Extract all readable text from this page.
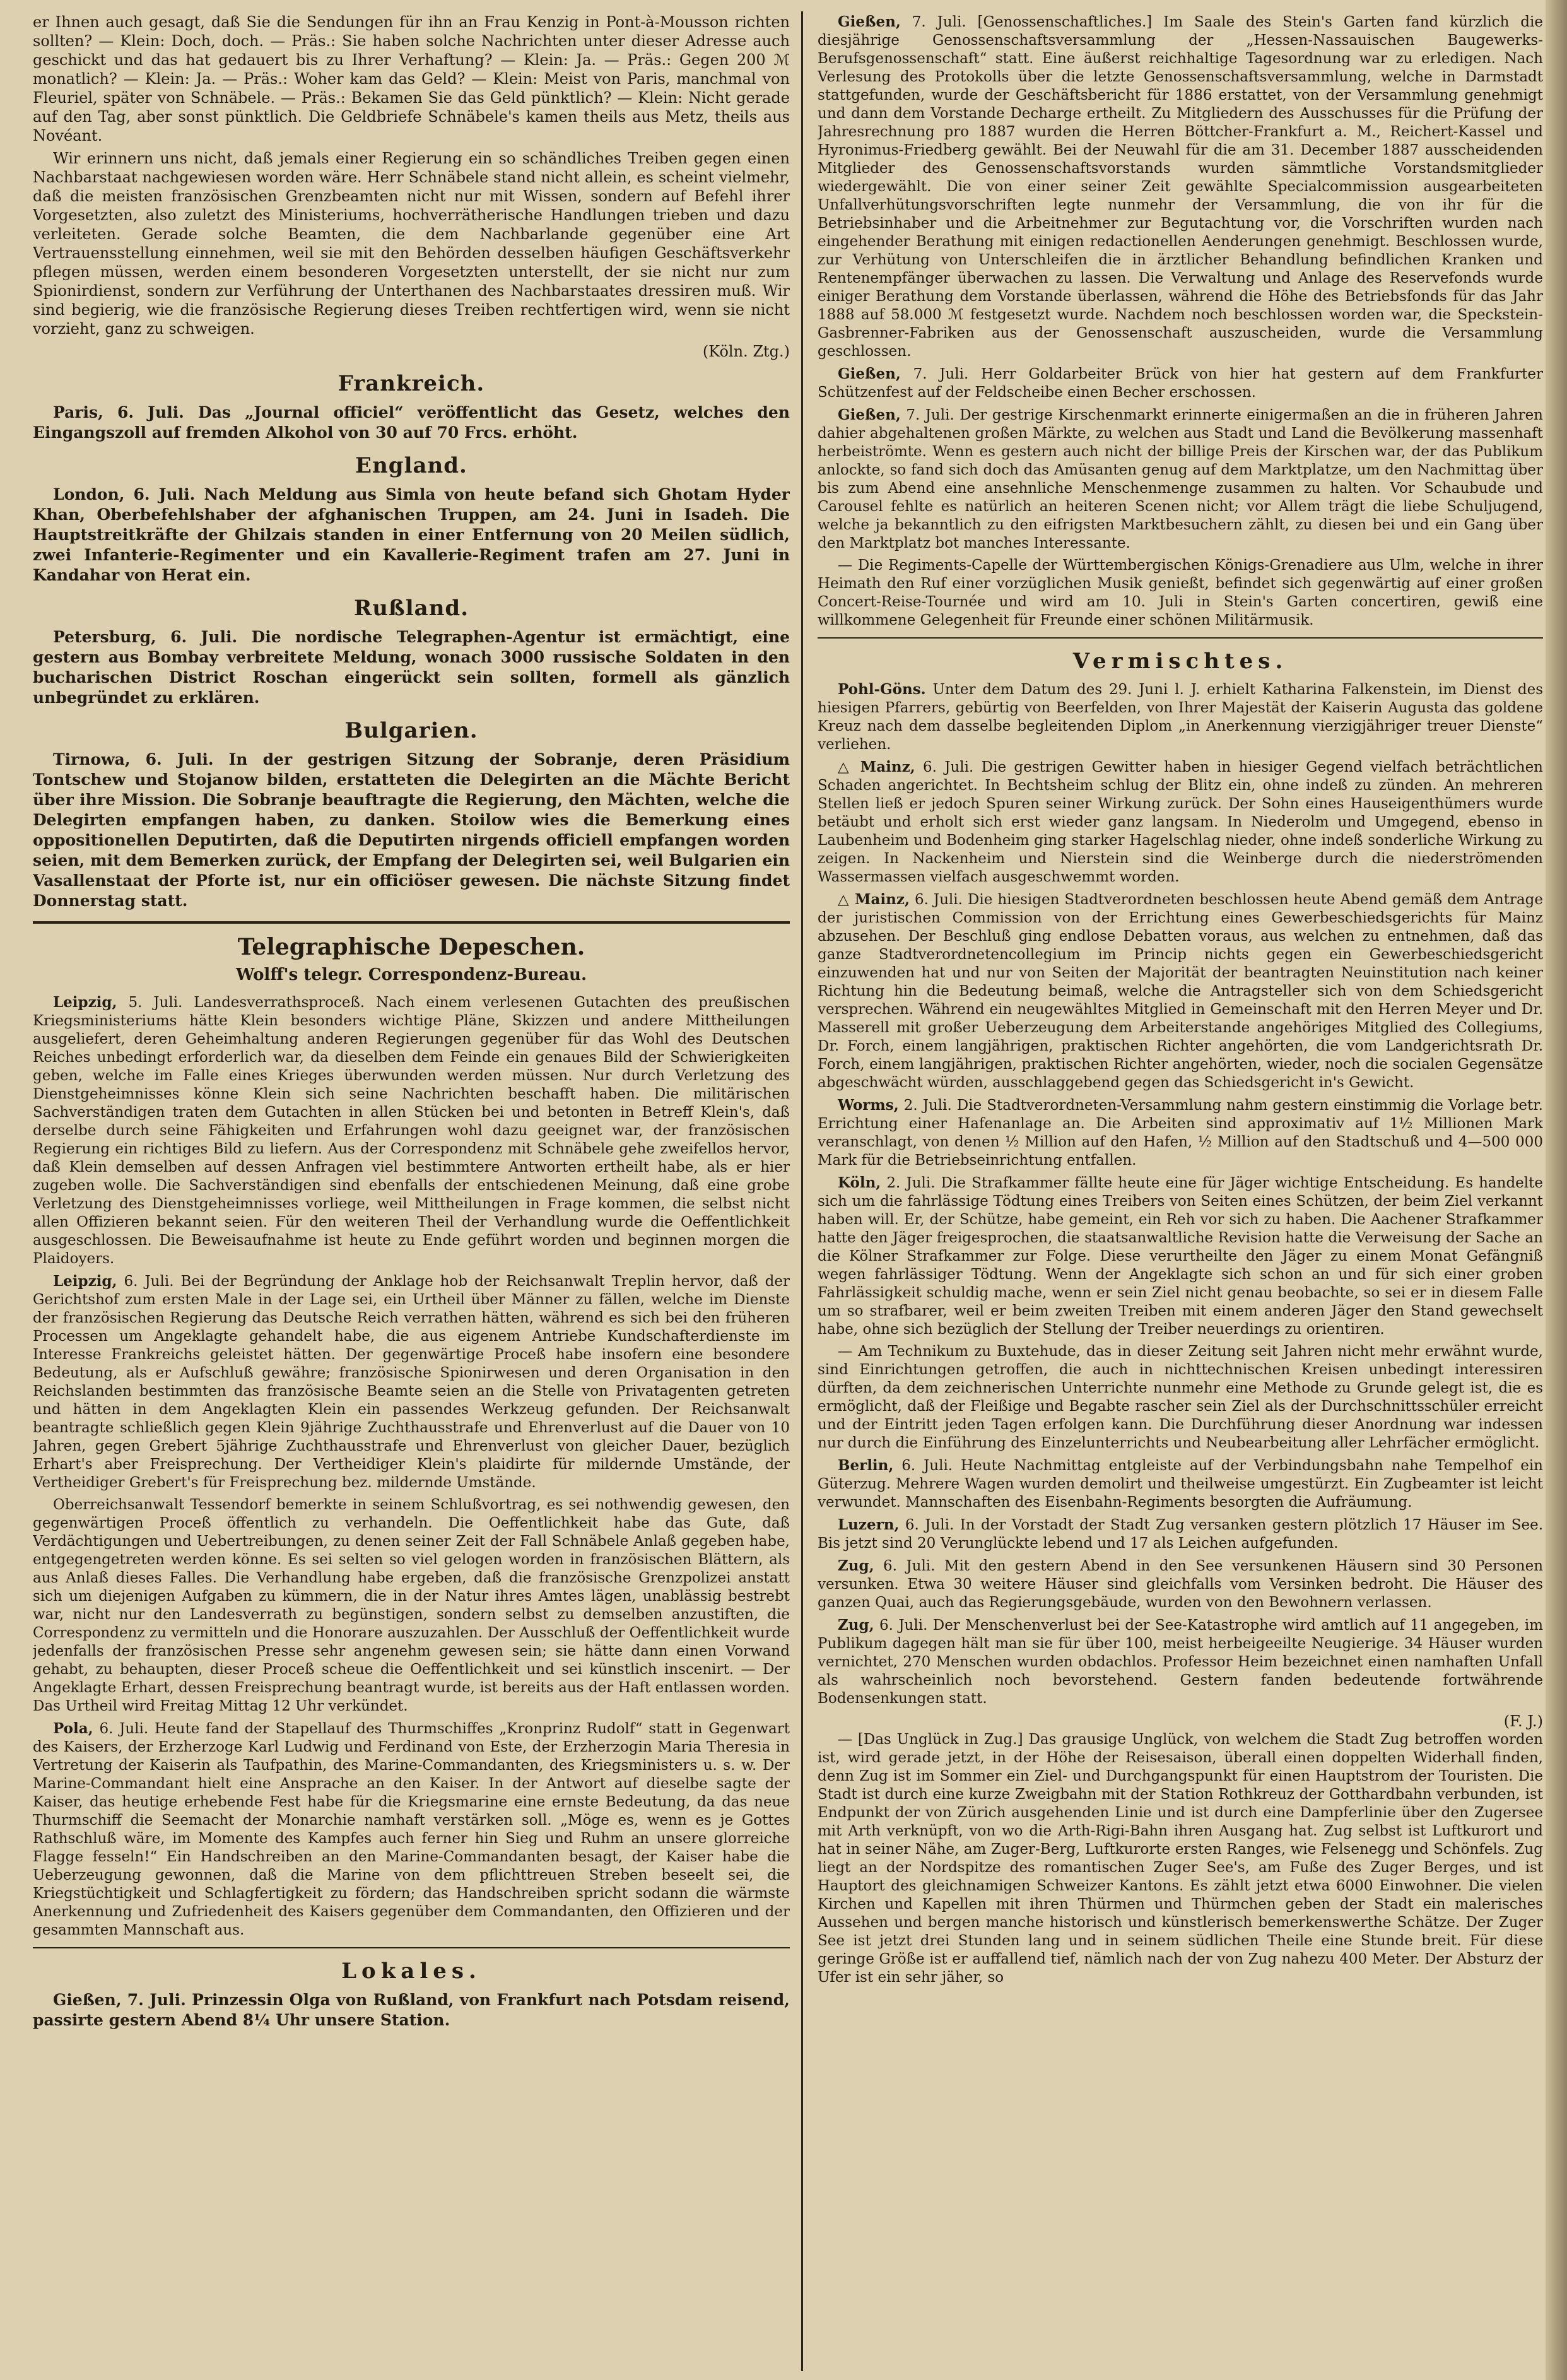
er Ihnen auch gesagt, daß Sie die Sendungen für ihn an Frau Kenzig in Pont-à-Mousson richten sollten? — Klein: Doch, doch. — Präs.: Sie haben solche Nachrichten unter dieser Adresse auch geschickt und das hat gedauert bis zu Ihrer Verhaftung? — Klein: Ja. — Präs.: Gegen 200 ℳ monatlich? — Klein: Ja. — Präs.: Woher kam das Geld? — Klein: Meist von Paris, manchmal von Fleuriel, später von Schnäbele. — Präs.: Bekamen Sie das Geld pünktlich? — Klein: Nicht gerade auf den Tag, aber sonst pünktlich. Die Geldbriefe Schnäbele's kamen theils aus Metz, theils aus Novéant.

Wir erinnern uns nicht, daß jemals einer Regierung ein so schändliches Treiben gegen einen Nachbarstaat nachgewiesen worden wäre. Herr Schnäbele stand nicht allein, es scheint vielmehr, daß die meisten französischen Grenzbeamten nicht nur mit Wissen, sondern auf Befehl ihrer Vorgesetzten, also zuletzt des Ministeriums, hochverrätherische Handlungen trieben und dazu verleiteten. Gerade solche Beamten, die dem Nachbarlande gegenüber eine Art Vertrauensstellung einnehmen, weil sie mit den Behörden desselben häufigen Geschäftsverkehr pflegen müssen, werden einem besonderen Vorgesetzten unterstellt, der sie nicht nur zum Spionirdienst, sondern zur Verführung der Unterthanen des Nachbarstaates dressiren muß. Wir sind begierig, wie die französische Regierung dieses Treiben rechtfertigen wird, wenn sie nicht vorzieht, ganz zu schweigen.

(Köln. Ztg.)
Frankreich.

Paris, 6. Juli. Das „Journal officiel“ veröffentlicht das Gesetz, welches den Eingangszoll auf fremden Alkohol von 30 auf 70 Frcs. erhöht.

England.

London, 6. Juli. Nach Meldung aus Simla von heute befand sich Ghotam Hyder Khan, Oberbefehlshaber der afghanischen Truppen, am 24. Juni in Isadeh. Die Hauptstreitkräfte der Ghilzais standen in einer Entfernung von 20 Meilen südlich, zwei Infanterie-Regimenter und ein Kavallerie-Regiment trafen am 27. Juni in Kandahar von Herat ein.

Rußland.

Petersburg, 6. Juli. Die nordische Telegraphen-Agentur ist ermächtigt, eine gestern aus Bombay verbreitete Meldung, wonach 3000 russische Soldaten in den bucharischen District Roschan eingerückt sein sollten, formell als gänzlich unbegründet zu erklären.

Bulgarien.

Tirnowa, 6. Juli. In der gestrigen Sitzung der Sobranje, deren Präsidium Tontschew und Stojanow bilden, erstatteten die Delegirten an die Mächte Bericht über ihre Mission. Die Sobranje beauftragte die Regierung, den Mächten, welche die Delegirten empfangen haben, zu danken. Stoilow wies die Bemerkung eines oppositionellen Deputirten, daß die Deputirten nirgends officiell empfangen worden seien, mit dem Bemerken zurück, der Empfang der Delegirten sei, weil Bulgarien ein Vasallenstaat der Pforte ist, nur ein officiöser gewesen. Die nächste Sitzung findet Donnerstag statt.

Telegraphische Depeschen.
Wolff's telegr. Correspondenz-Bureau.

Leipzig, 5. Juli. Landesverrathsproceß. Nach einem verlesenen Gutachten des preußischen Kriegsministeriums hätte Klein besonders wichtige Pläne, Skizzen und andere Mittheilungen ausgeliefert, deren Geheimhaltung anderen Regierungen gegenüber für das Wohl des Deutschen Reiches unbedingt erforderlich war, da dieselben dem Feinde ein genaues Bild der Schwierigkeiten geben, welche im Falle eines Krieges überwunden werden müssen. Nur durch Verletzung des Dienstgeheimnisses könne Klein sich seine Nachrichten beschafft haben. Die militärischen Sachverständigen traten dem Gutachten in allen Stücken bei und betonten in Betreff Klein's, daß derselbe durch seine Fähigkeiten und Erfahrungen wohl dazu geeignet war, der französischen Regierung ein richtiges Bild zu liefern. Aus der Correspondenz mit Schnäbele gehe zweifellos hervor, daß Klein demselben auf dessen Anfragen viel bestimmtere Antworten ertheilt habe, als er hier zugeben wolle. Die Sachverständigen sind ebenfalls der entschiedenen Meinung, daß eine grobe Verletzung des Dienstgeheimnisses vorliege, weil Mittheilungen in Frage kommen, die selbst nicht allen Offizieren bekannt seien. Für den weiteren Theil der Verhandlung wurde die Oeffentlichkeit ausgeschlossen. Die Beweisaufnahme ist heute zu Ende geführt worden und beginnen morgen die Plaidoyers.

Leipzig, 6. Juli. Bei der Begründung der Anklage hob der Reichsanwalt Treplin hervor, daß der Gerichtshof zum ersten Male in der Lage sei, ein Urtheil über Männer zu fällen, welche im Dienste der französischen Regierung das Deutsche Reich verrathen hätten, während es sich bei den früheren Processen um Angeklagte gehandelt habe, die aus eigenem Antriebe Kundschafterdienste im Interesse Frankreichs geleistet hätten. Der gegenwärtige Proceß habe insofern eine besondere Bedeutung, als er Aufschluß gewähre; französische Spionirwesen und deren Organisation in den Reichslanden bestimmten das französische Beamte seien an die Stelle von Privatagenten getreten und hätten in dem Angeklagten Klein ein passendes Werkzeug gefunden. Der Reichsanwalt beantragte schließlich gegen Klein 9jährige Zuchthausstrafe und Ehrenverlust auf die Dauer von 10 Jahren, gegen Grebert 5jährige Zuchthausstrafe und Ehrenverlust von gleicher Dauer, bezüglich Erhart's aber Freisprechung. Der Vertheidiger Klein's plaidirte für mildernde Umstände, der Vertheidiger Grebert's für Freisprechung bez. mildernde Umstände.

Oberreichsanwalt Tessendorf bemerkte in seinem Schlußvortrag, es sei nothwendig gewesen, den gegenwärtigen Proceß öffentlich zu verhandeln. Die Oeffentlichkeit habe das Gute, daß Verdächtigungen und Uebertreibungen, zu denen seiner Zeit der Fall Schnäbele Anlaß gegeben habe, entgegengetreten werden könne. Es sei selten so viel gelogen worden in französischen Blättern, als aus Anlaß dieses Falles. Die Verhandlung habe ergeben, daß die französische Grenzpolizei anstatt sich um diejenigen Aufgaben zu kümmern, die in der Natur ihres Amtes lägen, unablässig bestrebt war, nicht nur den Landesverrath zu begünstigen, sondern selbst zu demselben anzustiften, die Correspondenz zu vermitteln und die Honorare auszuzahlen. Der Ausschluß der Oeffentlichkeit wurde jedenfalls der französischen Presse sehr angenehm gewesen sein; sie hätte dann einen Vorwand gehabt, zu behaupten, dieser Proceß scheue die Oeffentlichkeit und sei künstlich inscenirt. — Der Angeklagte Erhart, dessen Freisprechung beantragt wurde, ist bereits aus der Haft entlassen worden. Das Urtheil wird Freitag Mittag 12 Uhr verkündet.

Pola, 6. Juli. Heute fand der Stapellauf des Thurmschiffes „Kronprinz Rudolf“ statt in Gegenwart des Kaisers, der Erzherzoge Karl Ludwig und Ferdinand von Este, der Erzherzogin Maria Theresia in Vertretung der Kaiserin als Taufpathin, des Marine-Commandanten, des Kriegsministers u. s. w. Der Marine-Commandant hielt eine Ansprache an den Kaiser. In der Antwort auf dieselbe sagte der Kaiser, das heutige erhebende Fest habe für die Kriegsmarine eine ernste Bedeutung, da das neue Thurmschiff die Seemacht der Monarchie namhaft verstärken soll. „Möge es, wenn es je Gottes Rathschluß wäre, im Momente des Kampfes auch ferner hin Sieg und Ruhm an unsere glorreiche Flagge fesseln!“ Ein Handschreiben an den Marine-Commandanten besagt, der Kaiser habe die Ueberzeugung gewonnen, daß die Marine von dem pflichttreuen Streben beseelt sei, die Kriegstüchtigkeit und Schlagfertigkeit zu fördern; das Handschreiben spricht sodann die wärmste Anerkennung und Zufriedenheit des Kaisers gegenüber dem Commandanten, den Offizieren und der gesammten Mannschaft aus.

Lokales.

Gießen, 7. Juli. Prinzessin Olga von Rußland, von Frankfurt nach Potsdam reisend, passirte gestern Abend 8¼ Uhr unsere Station.

Gießen, 7. Juli. [Genossenschaftliches.] Im Saale des Stein's Garten fand kürzlich die diesjährige Genossenschaftsversammlung der „Hessen-Nassauischen Baugewerks-Berufsgenossenschaft“ statt. Eine äußerst reichhaltige Tagesordnung war zu erledigen. Nach Verlesung des Protokolls über die letzte Genossenschaftsversammlung, welche in Darmstadt stattgefunden, wurde der Geschäftsbericht für 1886 erstattet, von der Versammlung genehmigt und dann dem Vorstande Decharge ertheilt. Zu Mitgliedern des Ausschusses für die Prüfung der Jahresrechnung pro 1887 wurden die Herren Böttcher-Frankfurt a. M., Reichert-Kassel und Hyronimus-Friedberg gewählt. Bei der Neuwahl für die am 31. December 1887 ausscheidenden Mitglieder des Genossenschaftsvorstands wurden sämmtliche Vorstandsmitglieder wiedergewählt. Die von einer seiner Zeit gewählte Specialcommission ausgearbeiteten Unfallverhütungsvorschriften legte nunmehr der Versammlung, die von ihr für die Betriebsinhaber und die Arbeitnehmer zur Begutachtung vor, die Vorschriften wurden nach eingehender Berathung mit einigen redactionellen Aenderungen genehmigt. Beschlossen wurde, zur Verhütung von Unterschleifen die in ärztlicher Behandlung befindlichen Kranken und Rentenempfänger überwachen zu lassen. Die Verwaltung und Anlage des Reservefonds wurde einiger Berathung dem Vorstande überlassen, während die Höhe des Betriebsfonds für das Jahr 1888 auf 58.000 ℳ festgesetzt wurde. Nachdem noch beschlossen worden war, die Speckstein-Gasbrenner-Fabriken aus der Genossenschaft auszuscheiden, wurde die Versammlung geschlossen.

Gießen, 7. Juli. Herr Goldarbeiter Brück von hier hat gestern auf dem Frankfurter Schützenfest auf der Feldscheibe einen Becher erschossen.

Gießen, 7. Juli. Der gestrige Kirschenmarkt erinnerte einigermaßen an die in früheren Jahren dahier abgehaltenen großen Märkte, zu welchen aus Stadt und Land die Bevölkerung massenhaft herbeiströmte. Wenn es gestern auch nicht der billige Preis der Kirschen war, der das Publikum anlockte, so fand sich doch das Amüsanten genug auf dem Marktplatze, um den Nachmittag über bis zum Abend eine ansehnliche Menschenmenge zusammen zu halten. Vor Schaubude und Carousel fehlte es natürlich an heiteren Scenen nicht; vor Allem trägt die liebe Schuljugend, welche ja bekanntlich zu den eifrigsten Marktbesuchern zählt, zu diesen bei und ein Gang über den Marktplatz bot manches Interessante.

— Die Regiments-Capelle der Württembergischen Königs-Grenadiere aus Ulm, welche in ihrer Heimath den Ruf einer vorzüglichen Musik genießt, befindet sich gegenwärtig auf einer großen Concert-Reise-Tournée und wird am 10. Juli in Stein's Garten concertiren, gewiß eine willkommene Gelegenheit für Freunde einer schönen Militärmusik.

Vermischtes.

Pohl-Göns. Unter dem Datum des 29. Juni l. J. erhielt Katharina Falkenstein, im Dienst des hiesigen Pfarrers, gebürtig von Beerfelden, von Ihrer Majestät der Kaiserin Augusta das goldene Kreuz nach dem dasselbe begleitenden Diplom „in Anerkennung vierzigjähriger treuer Dienste“ verliehen.

△ Mainz, 6. Juli. Die gestrigen Gewitter haben in hiesiger Gegend vielfach beträchtlichen Schaden angerichtet. In Bechtsheim schlug der Blitz ein, ohne indeß zu zünden. An mehreren Stellen ließ er jedoch Spuren seiner Wirkung zurück. Der Sohn eines Hauseigenthümers wurde betäubt und erholt sich erst wieder ganz langsam. In Niederolm und Umgegend, ebenso in Laubenheim und Bodenheim ging starker Hagelschlag nieder, ohne indeß sonderliche Wirkung zu zeigen. In Nackenheim und Nierstein sind die Weinberge durch die niederströmenden Wassermassen vielfach ausgeschwemmt worden.

△ Mainz, 6. Juli. Die hiesigen Stadtverordneten beschlossen heute Abend gemäß dem Antrage der juristischen Commission von der Errichtung eines Gewerbeschiedsgerichts für Mainz abzusehen. Der Beschluß ging endlose Debatten voraus, aus welchen zu entnehmen, daß das ganze Stadtverordnetencollegium im Princip nichts gegen ein Gewerbeschiedsgericht einzuwenden hat und nur von Seiten der Majorität der beantragten Neuinstitution nach keiner Richtung hin die Bedeutung beimaß, welche die Antragsteller sich von dem Schiedsgericht versprechen. Während ein neugewähltes Mitglied in Gemeinschaft mit den Herren Meyer und Dr. Masserell mit großer Ueberzeugung dem Arbeiterstande angehöriges Mitglied des Collegiums, Dr. Forch, einem langjährigen, praktischen Richter angehörten, die vom Landgerichtsrath Dr. Forch, einem langjährigen, praktischen Richter angehörten, wieder, noch die socialen Gegensätze abgeschwächt würden, ausschlaggebend gegen das Schiedsgericht in's Gewicht.

Worms, 2. Juli. Die Stadtverordneten-Versammlung nahm gestern einstimmig die Vorlage betr. Errichtung einer Hafenanlage an. Die Arbeiten sind approximativ auf 1½ Millionen Mark veranschlagt, von denen ½ Million auf den Hafen, ½ Million auf den Stadtschuß und 4—500 000 Mark für die Betriebseinrichtung entfallen.

Köln, 2. Juli. Die Strafkammer fällte heute eine für Jäger wichtige Entscheidung. Es handelte sich um die fahrlässige Tödtung eines Treibers von Seiten eines Schützen, der beim Ziel verkannt haben will. Er, der Schütze, habe gemeint, ein Reh vor sich zu haben. Die Aachener Strafkammer hatte den Jäger freigesprochen, die staatsanwaltliche Revision hatte die Verweisung der Sache an die Kölner Strafkammer zur Folge. Diese verurtheilte den Jäger zu einem Monat Gefängniß wegen fahrlässiger Tödtung. Wenn der Angeklagte sich schon an und für sich einer groben Fahrlässigkeit schuldig mache, wenn er sein Ziel nicht genau beobachte, so sei er in diesem Falle um so strafbarer, weil er beim zweiten Treiben mit einem anderen Jäger den Stand gewechselt habe, ohne sich bezüglich der Stellung der Treiber neuerdings zu orientiren.

— Am Technikum zu Buxtehude, das in dieser Zeitung seit Jahren nicht mehr erwähnt wurde, sind Einrichtungen getroffen, die auch in nichttechnischen Kreisen unbedingt interessiren dürften, da dem zeichnerischen Unterrichte nunmehr eine Methode zu Grunde gelegt ist, die es ermöglicht, daß der Fleißige und Begabte rascher sein Ziel als der Durchschnittsschüler erreicht und der Eintritt jeden Tagen erfolgen kann. Die Durchführung dieser Anordnung war indessen nur durch die Einführung des Einzelunterrichts und Neubearbeitung aller Lehrfächer ermöglicht.

Berlin, 6. Juli. Heute Nachmittag entgleiste auf der Verbindungsbahn nahe Tempelhof ein Güterzug. Mehrere Wagen wurden demolirt und theilweise umgestürzt. Ein Zugbeamter ist leicht verwundet. Mannschaften des Eisenbahn-Regiments besorgten die Aufräumung.

Luzern, 6. Juli. In der Vorstadt der Stadt Zug versanken gestern plötzlich 17 Häuser im See. Bis jetzt sind 20 Verunglückte lebend und 17 als Leichen aufgefunden.

Zug, 6. Juli. Mit den gestern Abend in den See versunkenen Häusern sind 30 Personen versunken. Etwa 30 weitere Häuser sind gleichfalls vom Versinken bedroht. Die Häuser des ganzen Quai, auch das Regierungsgebäude, wurden von den Bewohnern verlassen.

Zug, 6. Juli. Der Menschenverlust bei der See-Katastrophe wird amtlich auf 11 angegeben, im Publikum dagegen hält man sie für über 100, meist herbeigeeilte Neugierige. 34 Häuser wurden vernichtet, 270 Menschen wurden obdachlos. Professor Heim bezeichnet einen namhaften Unfall als wahrscheinlich noch bevorstehend. Gestern fanden bedeutende fortwährende Bodensenkungen statt.

(F. J.)

— [Das Unglück in Zug.] Das grausige Unglück, von welchem die Stadt Zug betroffen worden ist, wird gerade jetzt, in der Höhe der Reisesaison, überall einen doppelten Widerhall finden, denn Zug ist im Sommer ein Ziel- und Durchgangspunkt für einen Hauptstrom der Touristen. Die Stadt ist durch eine kurze Zweigbahn mit der Station Rothkreuz der Gotthardbahn verbunden, ist Endpunkt der von Zürich ausgehenden Linie und ist durch eine Dampferlinie über den Zugersee mit Arth verknüpft, von wo die Arth-Rigi-Bahn ihren Ausgang hat. Zug selbst ist Luftkurort und hat in seiner Nähe, am Zuger-Berg, Luftkurorte ersten Ranges, wie Felsenegg und Schönfels. Zug liegt an der Nordspitze des romantischen Zuger See's, am Fuße des Zuger Berges, und ist Hauptort des gleichnamigen Schweizer Kantons. Es zählt jetzt etwa 6000 Einwohner. Die vielen Kirchen und Kapellen mit ihren Thürmen und Thürmchen geben der Stadt ein malerisches Aussehen und bergen manche historisch und künstlerisch bemerkenswerthe Schätze. Der Zuger See ist jetzt drei Stunden lang und in seinem südlichen Theile eine Stunde breit. Für diese geringe Größe ist er auffallend tief, nämlich nach der von Zug nahezu 400 Meter. Der Absturz der Ufer ist ein sehr jäher, so
